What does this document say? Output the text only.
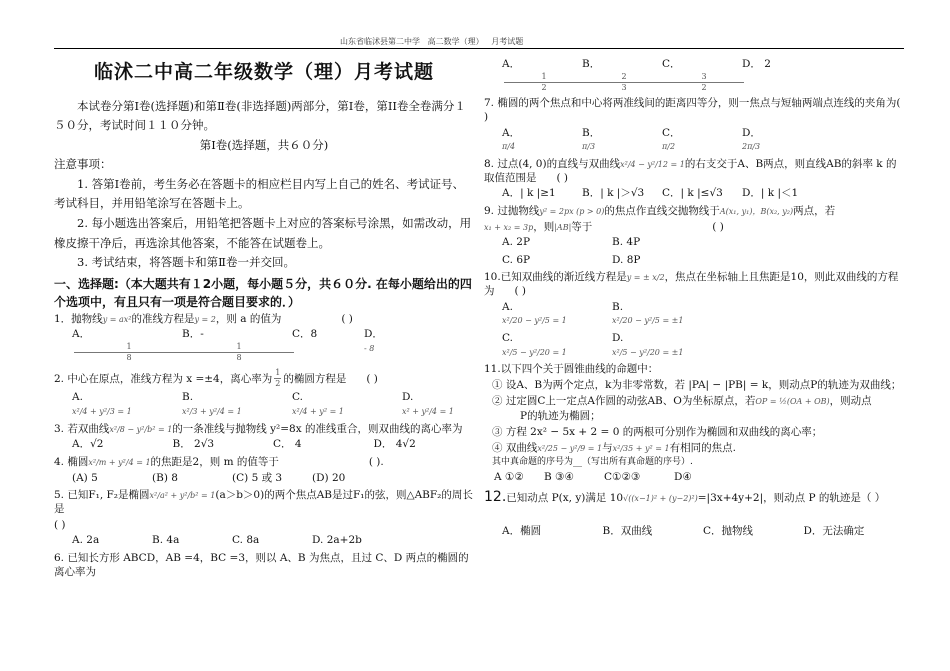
山东省临沭县第二中学   高二数学（理）   月考试题
临沭二中高二年级数学（理）月考试题
本试卷分第Ⅰ卷(选择题)和第Ⅱ卷(非选择题)两部分，第Ⅰ卷，第II卷全卷满分１５０分，考试时间１１０分钟。
第Ⅰ卷(选择题，共６０分)
注意事项：
1. 答第Ⅰ卷前，考生务必在答题卡的相应栏目内写上自己的姓名、考试证号、考试科目，并用铅笔涂写在答题卡上。
2. 每小题选出答案后，用铅笔把答题卡上对应的答案标号涂黑，如需改动，用橡皮擦干净后，再选涂其他答案，不能答在试题卷上。
3. 考试结束，将答题卡和第Ⅱ卷一并交回。
一、选择题:（本大题共有１2小题，每小题５分，共６０分. 在每小题给出的四个选项中，有且只有一项是符合题目要求的．）
1．抛物线y = ax²的准线方程是y = 2，则 a 的值为	( )
A．
$\frac{1}{8}$
B．-
$\frac{1}{8}$
C．8	D．- 8
2. 中心在原点，准线方程为 x =±4，离心率为 $\frac{1}{2}$ 的椭圆方程是 ( )
A. x²/4 + y²/3 = 1
B. x²/3 + y²/4 = 1
C. x²/4 + y² = 1
D. x² + y²/4 = 1
3. 若双曲线x²/8 − y²/b² = 1的一条准线与抛物线 y²=8x 的准线重合，则双曲线的离心率为
A．√2	B． 2√3	C． 4	D． 4√2
4. 椭圆x²/m + y²/4 = 1的焦距是2，则 m 的值等于	( ).
(A) 5	(B) 8	(C) 5 或 3	(D) 20
5. 已知F₁, F₂是椭圆x²/a² + y²/b² = 1(a＞b＞0)的两个焦点AB是过F₁的弦，则△ABF₂的周长是
( )
A. 2a	B. 4a	C. 8a	D. 2a+2b
6. 已知长方形 ABCD，AB =4，BC =3，则以 A、B 为焦点，且过 C、D 两点的椭圆的离心率为
A．
$\frac{1}{2}$
B．
$\frac{2}{3}$
C．
$\frac{3}{2}$
D． 2
7. 椭圆的两个焦点和中心将两准线间的距离四等分，则一焦点与短轴两端点连线的夹角为( )
A． π/4
B． π/3
C． π/2
D． 2π/3
8. 过点(4, 0)的直线与双曲线x²/4 − y²/12 = 1的右支交于A、B两点，则直线AB的斜率 k 的取值范围是 ( )
A．| k |≥1	B．| k |＞√3	C．| k |≤√3	D．| k |＜1
9. 过抛物线y² = 2px (p > 0)的焦点作直线交抛物线于A(x₁, y₁)，B(x₂, y₂)两点，若
x₁ + x₂ = 3p，则|AB|等于	( )
A. 2P	B. 4P
C. 6P	D. 8P
10.已知双曲线的渐近线方程是y = ± x/2，焦点在坐标轴上且焦距是10，则此双曲线的方程为 ( )
A. x²/20 − y²/5 = 1
B. x²/20 − y²/5 = ±1
C. x²/5 − y²/20 = 1
D. x²/5 − y²/20 = ±1
11.以下四个关于圆锥曲线的命题中：
① 设A、B为两个定点，k为非零常数，若 |PA| − |PB| = k，则动点P的轨迹为双曲线；
② 过定圆C上一定点A作圆的动弦AB、O为坐标原点，若OP = ½(OA + OB)，则动点
P的轨迹为椭圆；
③ 方程 2x² − 5x + 2 = 0 的两根可分别作为椭圆和双曲线的离心率；
④ 双曲线x²/25 − y²/9 = 1与x²/35 + y² = 1有相同的焦点.
其中真命题的序号为__（写出所有真命题的序号）.
A ①②	B ③④	C①②③	D④
12.已知动点 P(x, y)满足 10√((x−1)² + (y−2)²)=|3x+4y+2|，则动点 P 的轨迹是（ ）
A．椭圆	B．双曲线	C．抛物线	D．无法确定
